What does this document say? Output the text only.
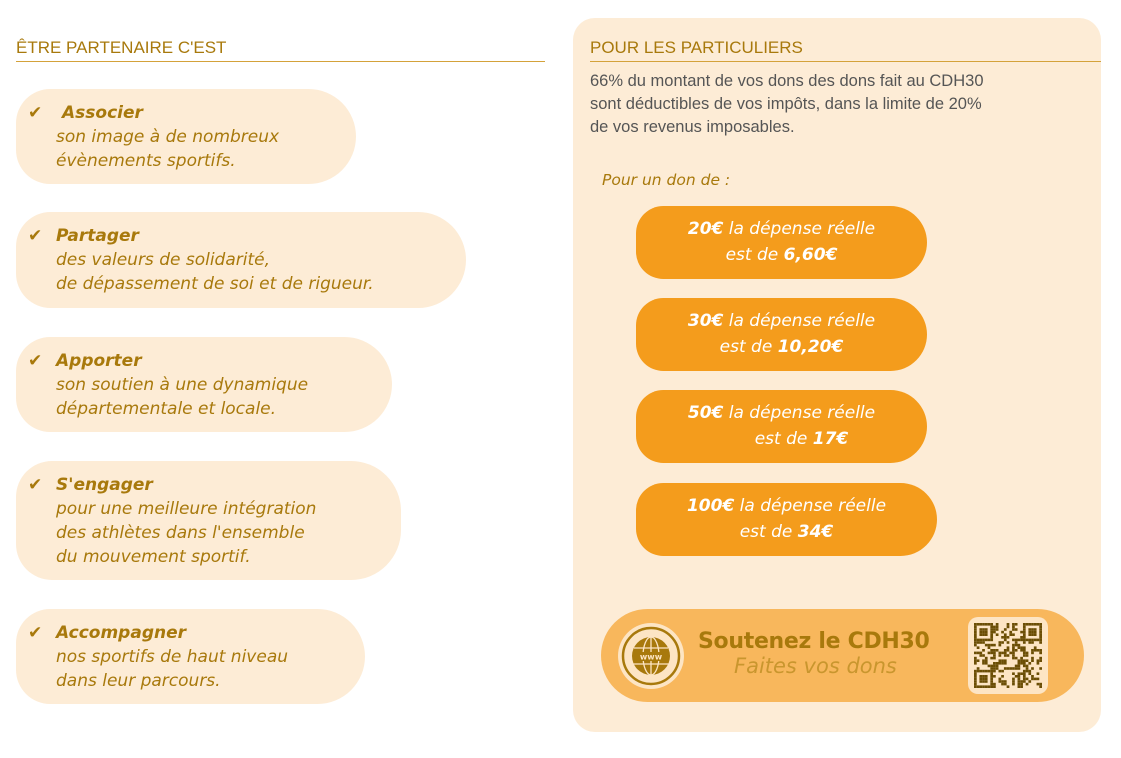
ÊTRE PARTENAIRE C'EST
✔ Associer
son image à de nombreux
évènements sportifs.
✔ Partager
des valeurs de solidarité,
de dépassement de soi et de rigueur.
✔ Apporter
son soutien à une dynamique
départementale et locale.
✔ S'engager
pour une meilleure intégration
des athlètes dans l'ensemble
du mouvement sportif.
✔ Accompagner
nos sportifs de haut niveau
dans leur parcours.
POUR LES PARTICULIERS
66% du montant de vos dons des dons fait au CDH30
sont déductibles de vos impôts, dans la limite de 20%
de vos revenus imposables.
Pour un don de :
20€ la dépense réelle
est de 6,60€
30€ la dépense réelle
est de 10,20€
50€ la dépense réelle
est de 17€
100€ la dépense réelle
est de 34€
www
Soutenez le CDH30
Faites vos dons
